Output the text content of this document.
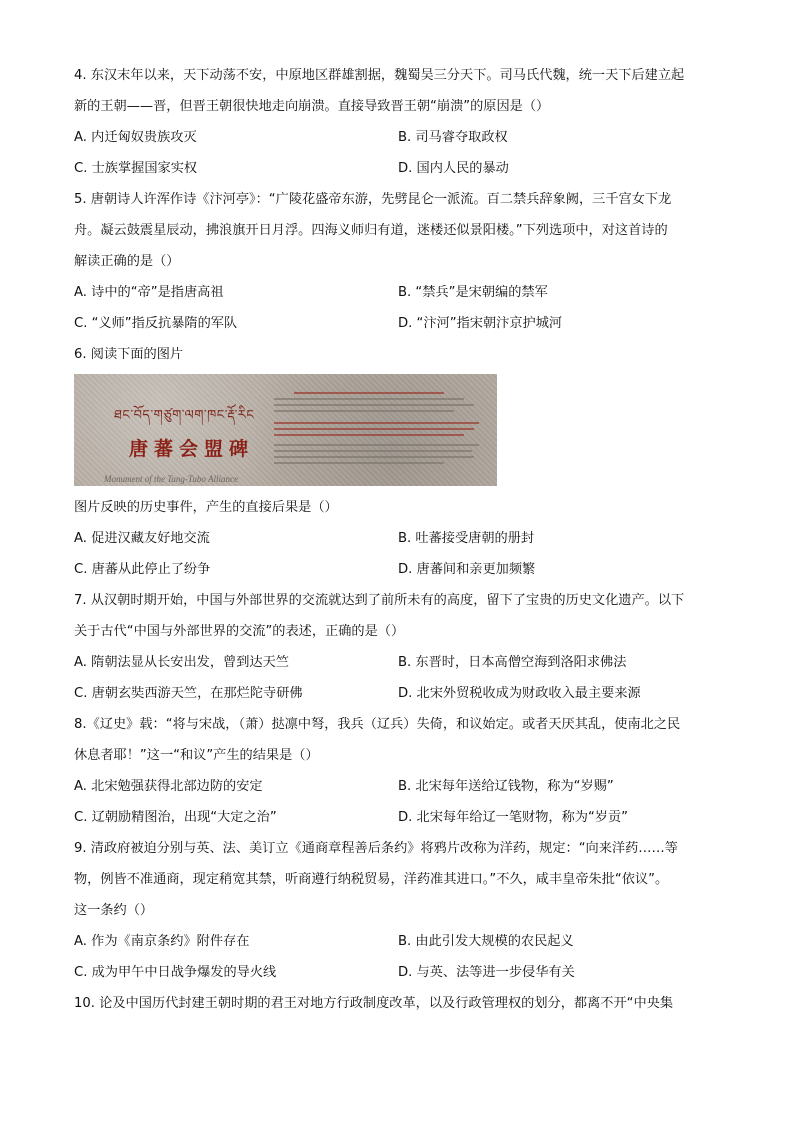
4. 东汉末年以来，天下动荡不安，中原地区群雄割据，魏蜀吴三分天下。司马氏代魏，统一天下后建立起
新的王朝——晋，但晋王朝很快地走向崩溃。直接导致晋王朝“崩溃”的原因是（）
A. 内迁匈奴贵族攻灭	B. 司马睿夺取政权
C. 士族掌握国家实权	D. 国内人民的暴动
5. 唐朝诗人许浑作诗《汴河亭》：“广陵花盛帝东游，先劈昆仑一派流。百二禁兵辞象阙，三千宫女下龙
舟。凝云鼓震星辰动，拂浪旗开日月浮。四海义师归有道，迷楼还似景阳楼。”下列选项中，对这首诗的
解读正确的是（）
A. 诗中的“帝”是指唐高祖	B. “禁兵”是宋朝编的禁军
C. “义师”指反抗暴隋的军队	D. “汴河”指宋朝汴京护城河
6. 阅读下面的图片
ཐང་བོད་གཙུག་ལག་ཁང་རྡོ་རིང
唐蕃会盟碑
Monument of the Tang-Tubo Alliance
图片反映的历史事件，产生的直接后果是（）
A. 促进汉藏友好地交流	B. 吐蕃接受唐朝的册封
C. 唐蕃从此停止了纷争	D. 唐蕃间和亲更加频繁
7. 从汉朝时期开始，中国与外部世界的交流就达到了前所未有的高度，留下了宝贵的历史文化遗产。以下
关于古代“中国与外部世界的交流”的表述，正确的是（）
A. 隋朝法显从长安出发，曾到达天竺	B. 东晋时，日本高僧空海到洛阳求佛法
C. 唐朝玄奘西游天竺，在那烂陀寺研佛	D. 北宋外贸税收成为财政收入最主要来源
8.《辽史》载：“将与宋战，（萧）挞凛中弩，我兵（辽兵）失倚，和议始定。或者天厌其乱，使南北之民
休息者耶！”这一“和议”产生的结果是（）
A. 北宋勉强获得北部边防的安定	B. 北宋每年送给辽钱物，称为“岁赐”
C. 辽朝励精图治，出现“大定之治”	D. 北宋每年给辽一笔财物，称为“岁贡”
9. 清政府被迫分别与英、法、美订立《通商章程善后条约》将鸦片改称为洋药，规定：“向来洋药……等
物，例皆不准通商，现定稍宽其禁，听商遵行纳税贸易，洋药准其进口。”不久，咸丰皇帝朱批“依议”。
这一条约（）
A. 作为《南京条约》附件存在	B. 由此引发大规模的农民起义
C. 成为甲午中日战争爆发的导火线	D. 与英、法等进一步侵华有关
10. 论及中国历代封建王朝时期的君王对地方行政制度改革，以及行政管理权的划分，都离不开“中央集
